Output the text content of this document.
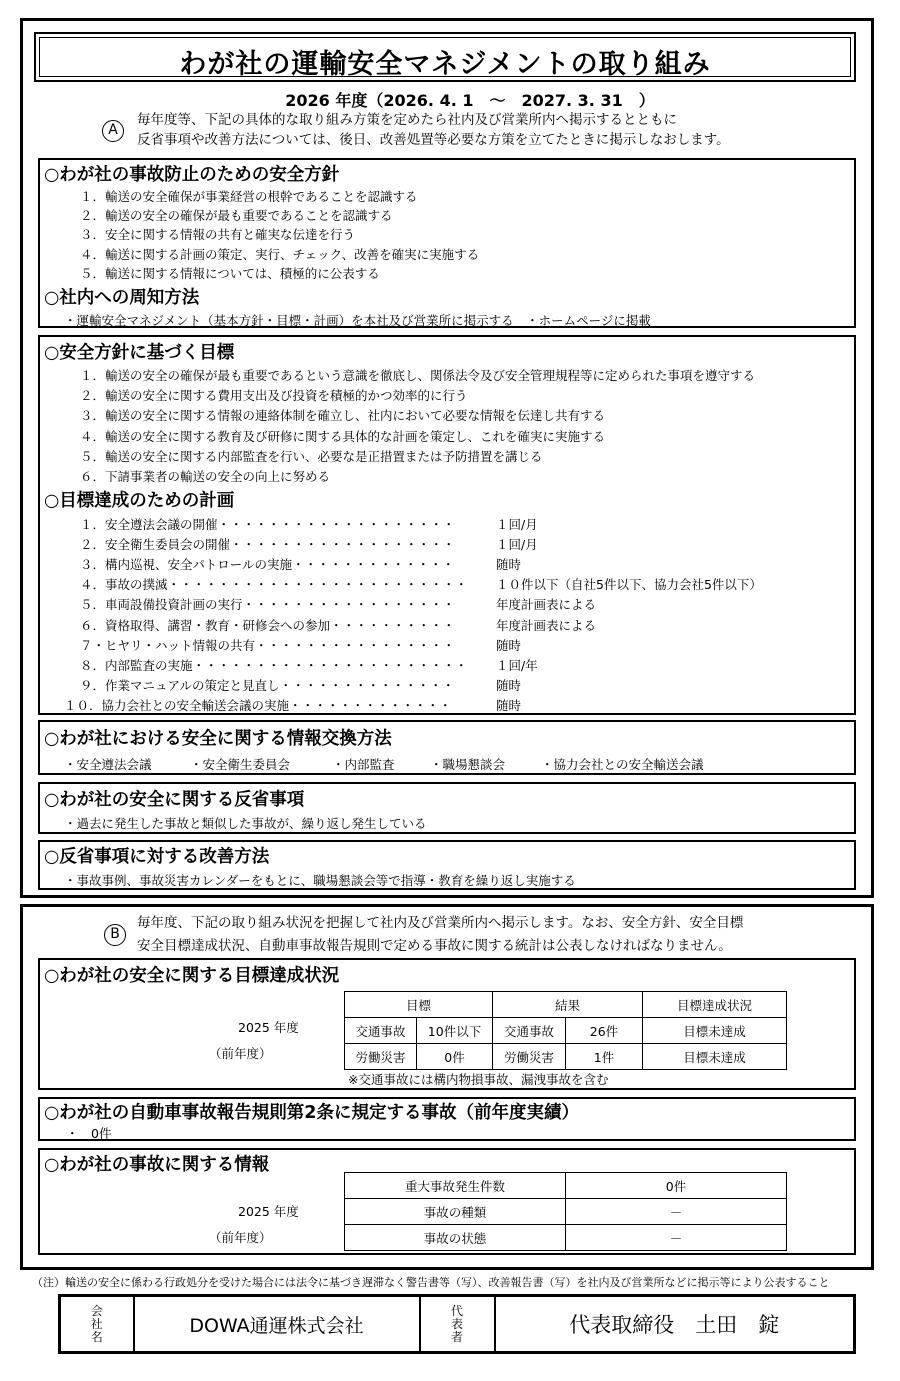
わが社の運輸安全マネジメントの取り組み
2026 年度（2026. 4. 1　～　2027. 3. 31　）
A
毎年度等、下記の具体的な取り組み方策を定めたら社内及び営業所内へ掲示するとともに
反省事項や改善方法については、後日、改善処置等必要な方策を立てたときに掲示しなおします。
○わが社の事故防止のための安全方針
１．輸送の安全確保が事業経営の根幹であることを認識する
２．輸送の安全の確保が最も重要であることを認識する
３．安全に関する情報の共有と確実な伝達を行う
４．輸送に関する計画の策定、実行、チェック、改善を確実に実施する
５．輸送に関する情報については、積極的に公表する
○社内への周知方法
・運輸安全マネジメント（基本方針・目標・計画）を本社及び営業所に掲示する　・ホームページに掲載
○安全方針に基づく目標
１．輸送の安全の確保が最も重要であるという意識を徹底し、関係法令及び安全管理規程等に定められた事項を遵守する
２．輸送の安全に関する費用支出及び投資を積極的かつ効率的に行う
３．輸送の安全に関する情報の連絡体制を確立し、社内において必要な情報を伝達し共有する
４．輸送の安全に関する教育及び研修に関する具体的な計画を策定し、これを確実に実施する
５．輸送の安全に関する内部監査を行い、必要な是正措置または予防措置を講じる
６．下請事業者の輸送の安全の向上に努める
○目標達成のための計画
１．安全遵法会議の開催・・・・・・・・・・・・・・・・・・・	１回/月
２．安全衛生委員会の開催・・・・・・・・・・・・・・・・・・	１回/月
３．構内巡視、安全パトロールの実施・・・・・・・・・・・・・	随時
４．事故の撲滅・・・・・・・・・・・・・・・・・・・・・・・・ １０件以下（自社5件以下、協力会社5件以下）
５．車両設備投資計画の実行・・・・・・・・・・・・・・・・・	年度計画表による
６．資格取得、講習・教育・研修会への参加・・・・・・・・・・	年度計画表による
７・ヒヤリ・ハット情報の共有・・・・・・・・・・・・・・・・	随時
８．内部監査の実施・・・・・・・・・・・・・・・・・・・・・・ １回/年
９．作業マニュアルの策定と見直し・・・・・・・・・・・・・・	随時
１０．協力会社との安全輸送会議の実施・・・・・・・・・・・・・	随時
○わが社における安全に関する情報交換方法
・安全遵法会議	・安全衛生委員会	・内部監査	・職場懇談会	・協力会社との安全輸送会議
○わが社の安全に関する反省事項
・過去に発生した事故と類似した事故が、繰り返し発生している
○反省事項に対する改善方法
・事故事例、事故災害カレンダーをもとに、職場懇談会等で指導・教育を繰り返し実施する
B
毎年度、下記の取り組み状況を把握して社内及び営業所内へ掲示します。なお、安全方針、安全目標
安全目標達成状況、自動車事故報告規則で定める事故に関する統計は公表しなければなりません。
○わが社の安全に関する目標達成状況
2025 年度
（前年度）
目標		結果		目標達成状況
交通事故	10件以下	交通事故	26件	目標未達成
労働災害	0件	労働災害	1件	目標未達成
※交通事故には構内物損事故、漏洩事故を含む
○わが社の自動車事故報告規則第2条に規定する事故（前年度実績）
・　0件
○わが社の事故に関する情報
2025 年度
（前年度）
重大事故発生件数	0件
事故の種類	－
事故の状態	－
（注）輸送の安全に係わる行政処分を受けた場合には法令に基づき遅滞なく警告書等（写）、改善報告書（写）を社内及び営業所などに掲示等により公表すること
会
社
名	DOWA通運株式会社	
代
表
者	代表取締役　土田　錠
